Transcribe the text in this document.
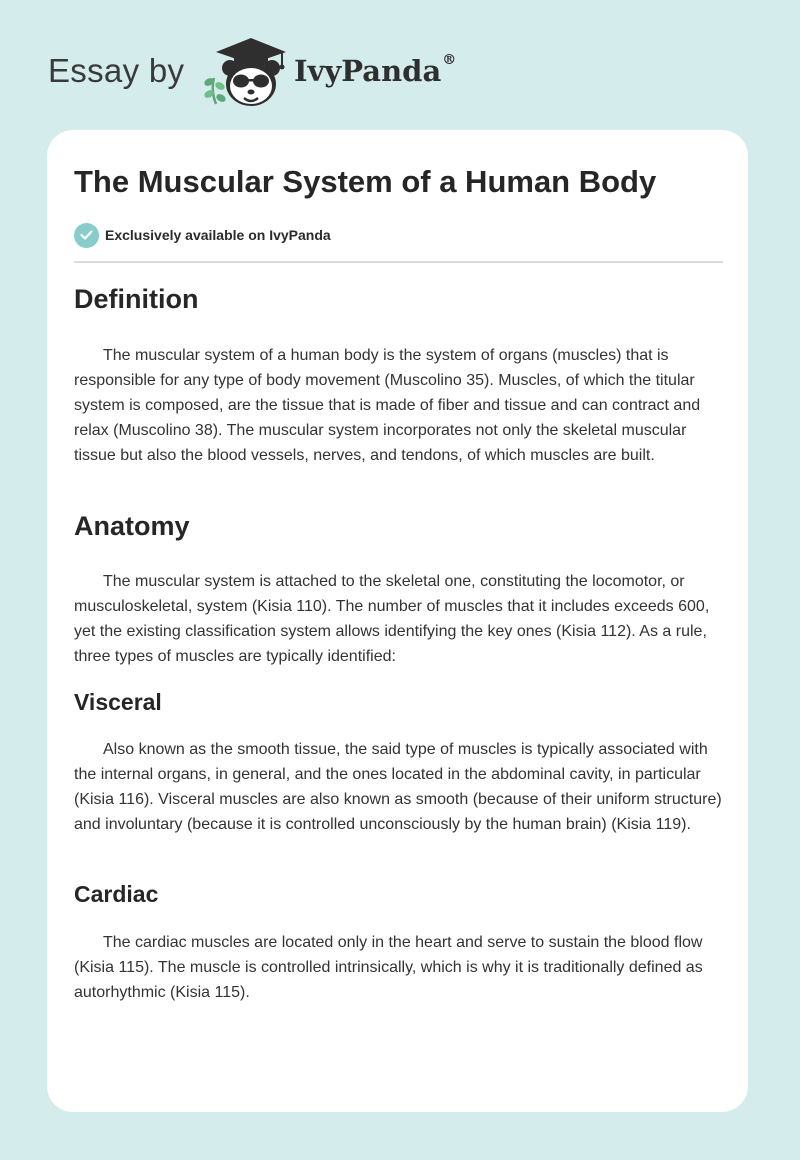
Essay by	IvyPanda®
The Muscular System of a Human Body
Exclusively available on IvyPanda
Definition

The muscular system of a human body is the system of organs (muscles) that is responsible for any type of body movement (Muscolino 35). Muscles, of which the titular system is composed, are the tissue that is made of fiber and tissue and can contract and relax (Muscolino 38). The muscular system incorporates not only the skeletal muscular tissue but also the blood vessels, nerves, and tendons, of which muscles are built.

Anatomy

The muscular system is attached to the skeletal one, constituting the locomotor, or musculoskeletal, system (Kisia 110). The number of muscles that it includes exceeds 600, yet the existing classification system allows identifying the key ones (Kisia 112). As a rule, three types of muscles are typically identified:

Visceral

Also known as the smooth tissue, the said type of muscles is typically associated with the internal organs, in general, and the ones located in the abdominal cavity, in particular (Kisia 116). Visceral muscles are also known as smooth (because of their uniform structure) and involuntary (because it is controlled unconsciously by the human brain) (Kisia 119).

Cardiac

The cardiac muscles are located only in the heart and serve to sustain the blood flow (Kisia 115). The muscle is controlled intrinsically, which is why it is traditionally defined as autorhythmic (Kisia 115).
